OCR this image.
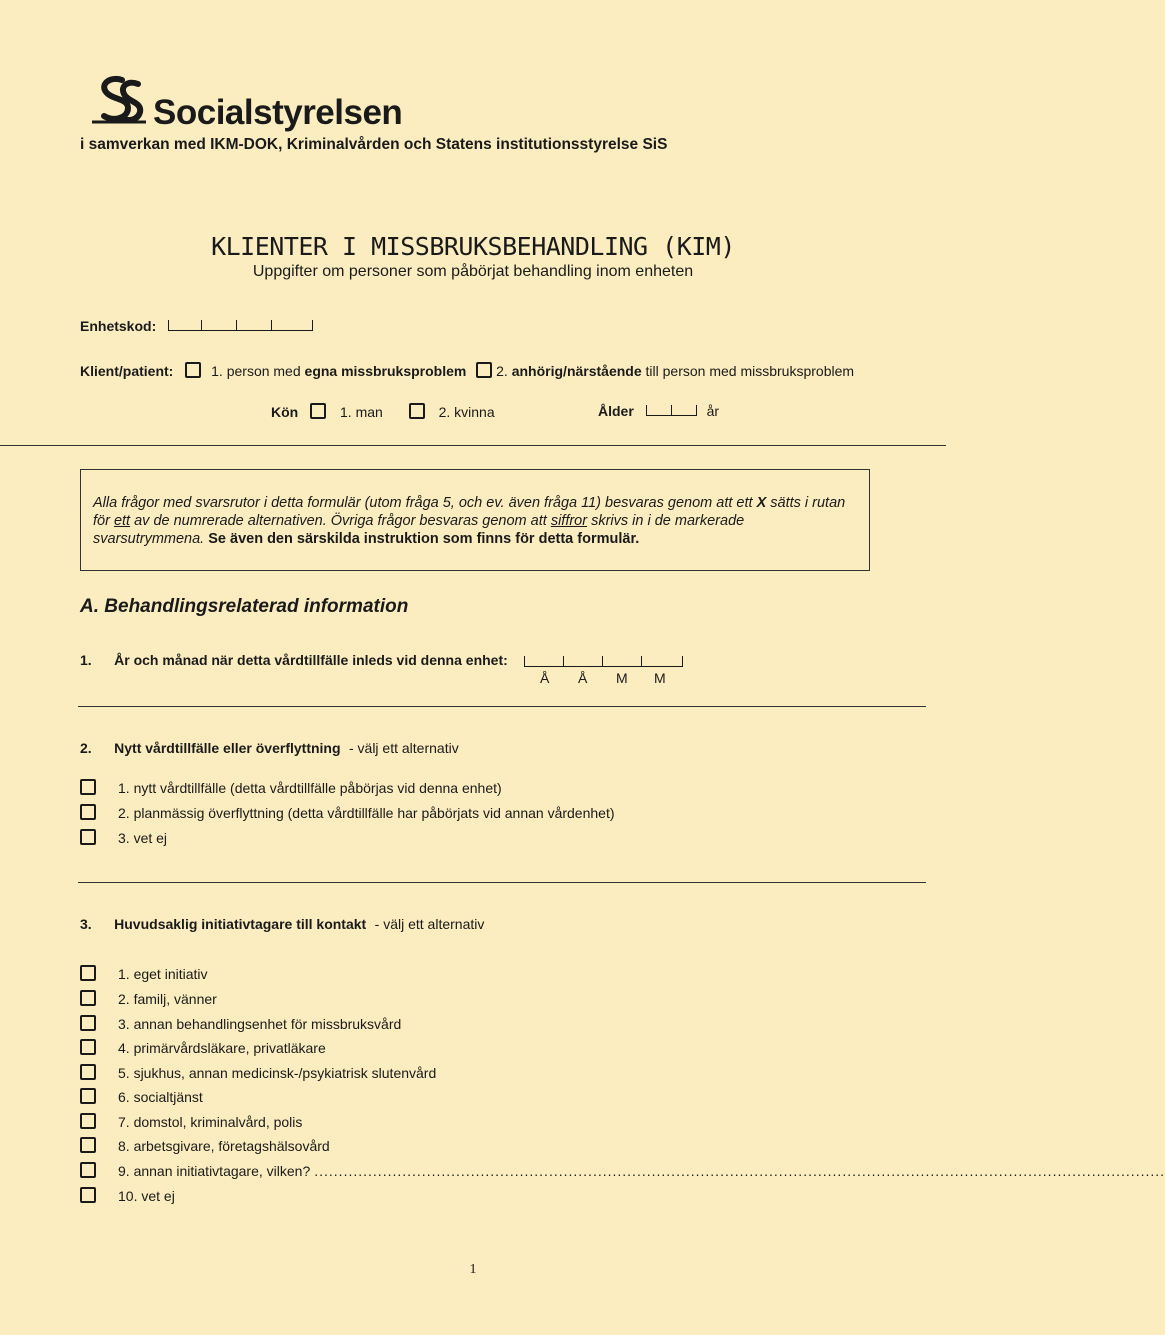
Socialstyrelsen
i samverkan med IKM-DOK, Kriminalvården och Statens institutionsstyrelse SiS
KLIENTER I MISSBRUKSBEHANDLING (KIM)
Uppgifter om personer som påbörjat behandling inom enheten
Enhetskod:
Klient/patient:	1. person med egna missbruksproblem 2. anhörig/närstående till person med missbruksproblem
Kön	1. man	2. kvinna	Ålder	år
Alla frågor med svarsrutor i detta formulär (utom fråga 5, och ev. även fråga 11) besvaras genom att ett X sätts i rutan för ett av de numrerade alternativen. Övriga frågor besvaras genom att siffror skrivs in i de markerade svarsutrymmena. Se även den särskilda instruktion som finns för detta formulär.
A. Behandlingsrelaterad information
1. År och månad när detta vårdtillfälle inleds vid denna enhet:
Å Å M M
2. Nytt vårdtillfälle eller överflyttning - välj ett alternativ
1. nytt vårdtillfälle (detta vårdtillfälle påbörjas vid denna enhet)
2. planmässig överflyttning (detta vårdtillfälle har påbörjats vid annan vårdenhet)
3. vet ej
3. Huvudsaklig initiativtagare till kontakt - välj ett alternativ
1. eget initiativ
2. familj, vänner
3. annan behandlingsenhet för missbruksvård
4. primärvårdsläkare, privatläkare
5. sjukhus, annan medicinsk-/psykiatrisk slutenvård
6. socialtjänst
7. domstol, kriminalvård, polis
8. arbetsgivare, företagshälsovård
9. annan initiativtagare, vilken? ..............................................................................................................................................................................
10. vet ej
1
